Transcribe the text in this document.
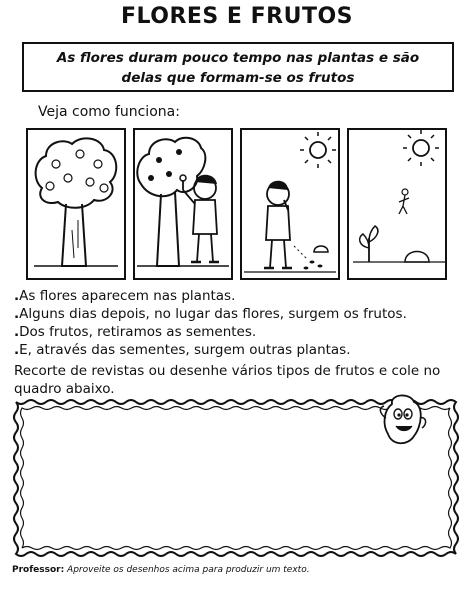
FLORES E FRUTOS
As flores duram pouco tempo nas plantas e são
delas que formam-se os frutos
Veja como funciona:
.As flores aparecem nas plantas.
.Alguns dias depois, no lugar das flores, surgem os frutos.
.Dos frutos, retiramos as sementes.
.E, através das sementes, surgem outras plantas.
Recorte de revistas ou desenhe vários tipos de frutos e cole no quadro abaixo.
Professor: Aproveite os desenhos acima para produzir um texto.
